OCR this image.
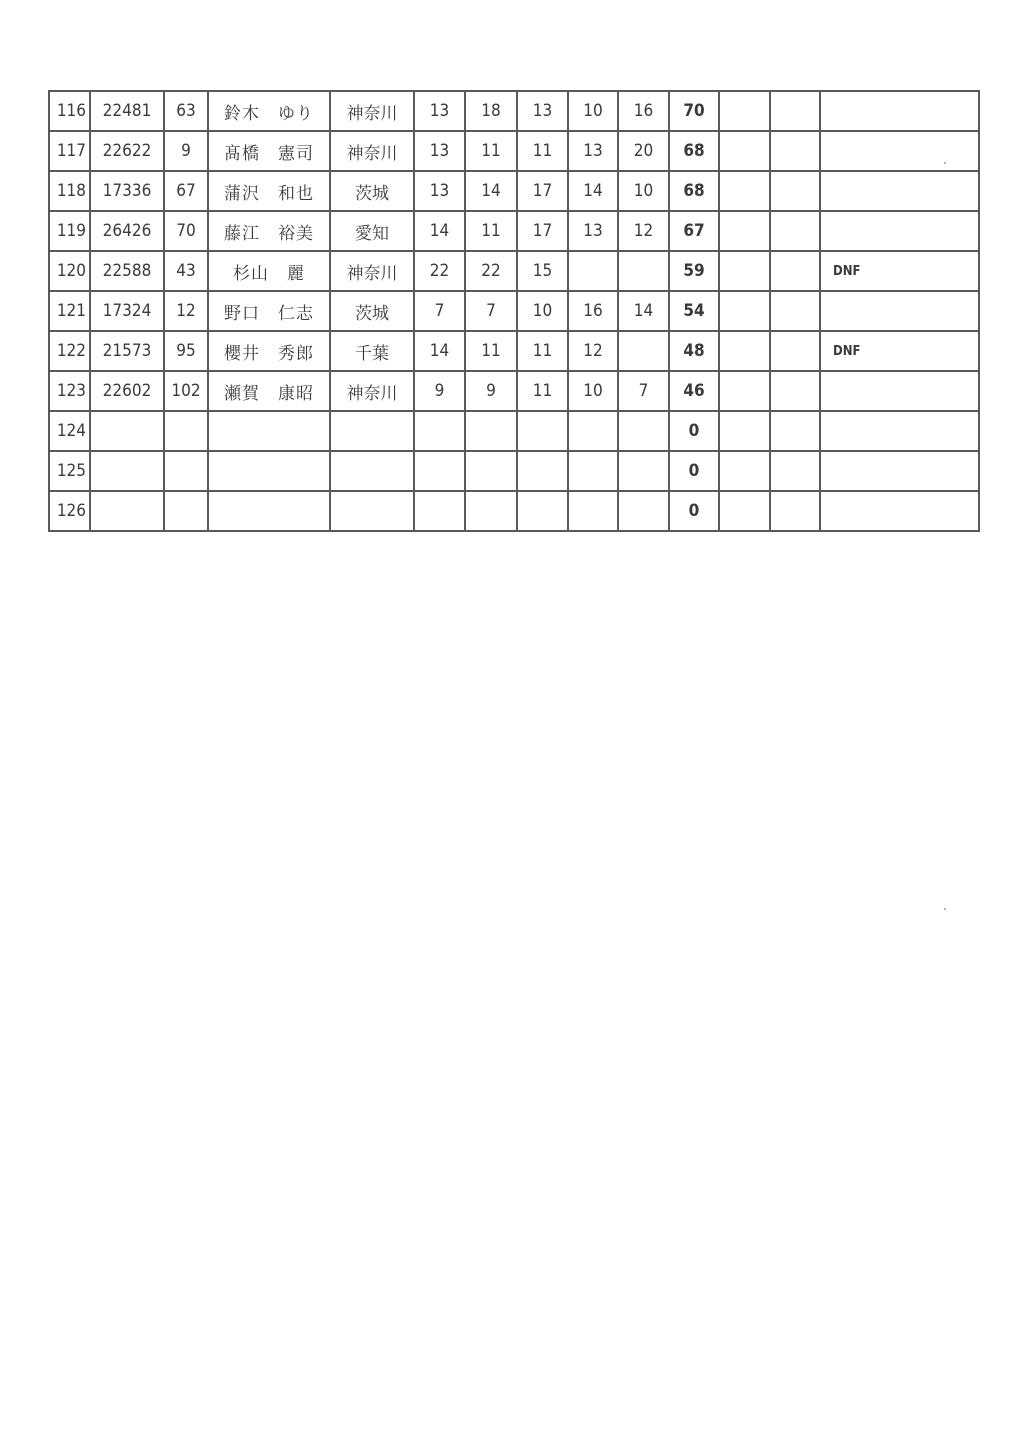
116	22481	63	鈴木　ゆり	神奈川	13	18	13	10	16	70			
117	22622	9	髙橋　憲司	神奈川	13	11	11	13	20	68			
118	17336	67	蒲沢　和也	茨城	13	14	17	14	10	68			
119	26426	70	藤江　裕美	愛知	14	11	17	13	12	67			
120	22588	43	杉山　麗	神奈川	22	22	15			59			DNF
121	17324	12	野口　仁志	茨城	7	7	10	16	14	54			
122	21573	95	櫻井　秀郎	千葉	14	11	11	12		48			DNF
123	22602	102	瀬賀　康昭	神奈川	9	9	11	10	7	46			
124										0			
125										0			
126										0			
